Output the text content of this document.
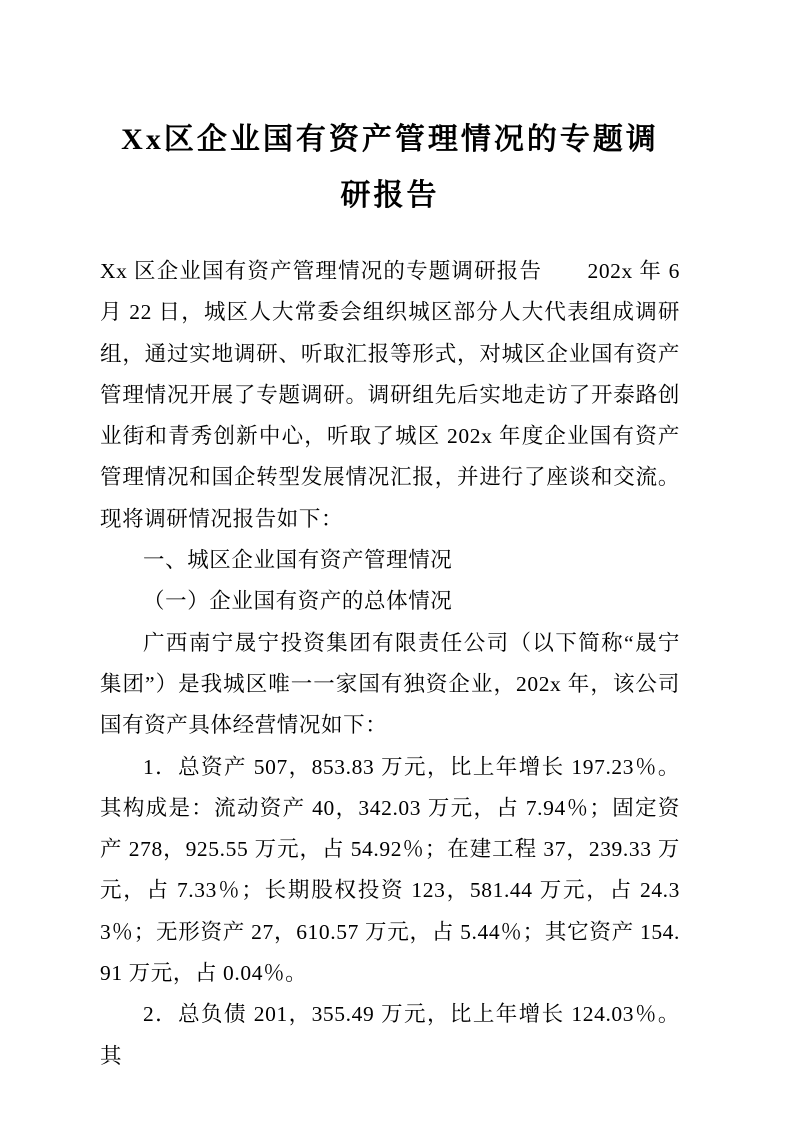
Xx区企业国有资产管理情况的专题调研报告

Xx 区企业国有资产管理情况的专题调研报告　　202x 年 6 月 22 日，城区人大常委会组织城区部分人大代表组成调研组，通过实地调研、听取汇报等形式，对城区企业国有资产管理情况开展了专题调研。调研组先后实地走访了开泰路创业街和青秀创新中心，听取了城区 202x 年度企业国有资产管理情况和国企转型发展情况汇报，并进行了座谈和交流。现将调研情况报告如下：

一、城区企业国有资产管理情况

（一）企业国有资产的总体情况

广西南宁晟宁投资集团有限责任公司（以下简称“晟宁集团”）是我城区唯一一家国有独资企业，202x 年，该公司国有资产具体经营情况如下：

1．总资产 507，853.83 万元，比上年增长 197.23％。其构成是：流动资产 40，342.03 万元，占 7.94％；固定资产 278，925.55 万元，占 54.92％；在建工程 37，239.33 万元，占 7.33％；长期股权投资 123，581.44 万元，占 24.33％；无形资产 27，610.57 万元，占 5.44％；其它资产 154.91 万元，占 0.04％。

2．总负债 201，355.49 万元，比上年增长 124.03％。其
